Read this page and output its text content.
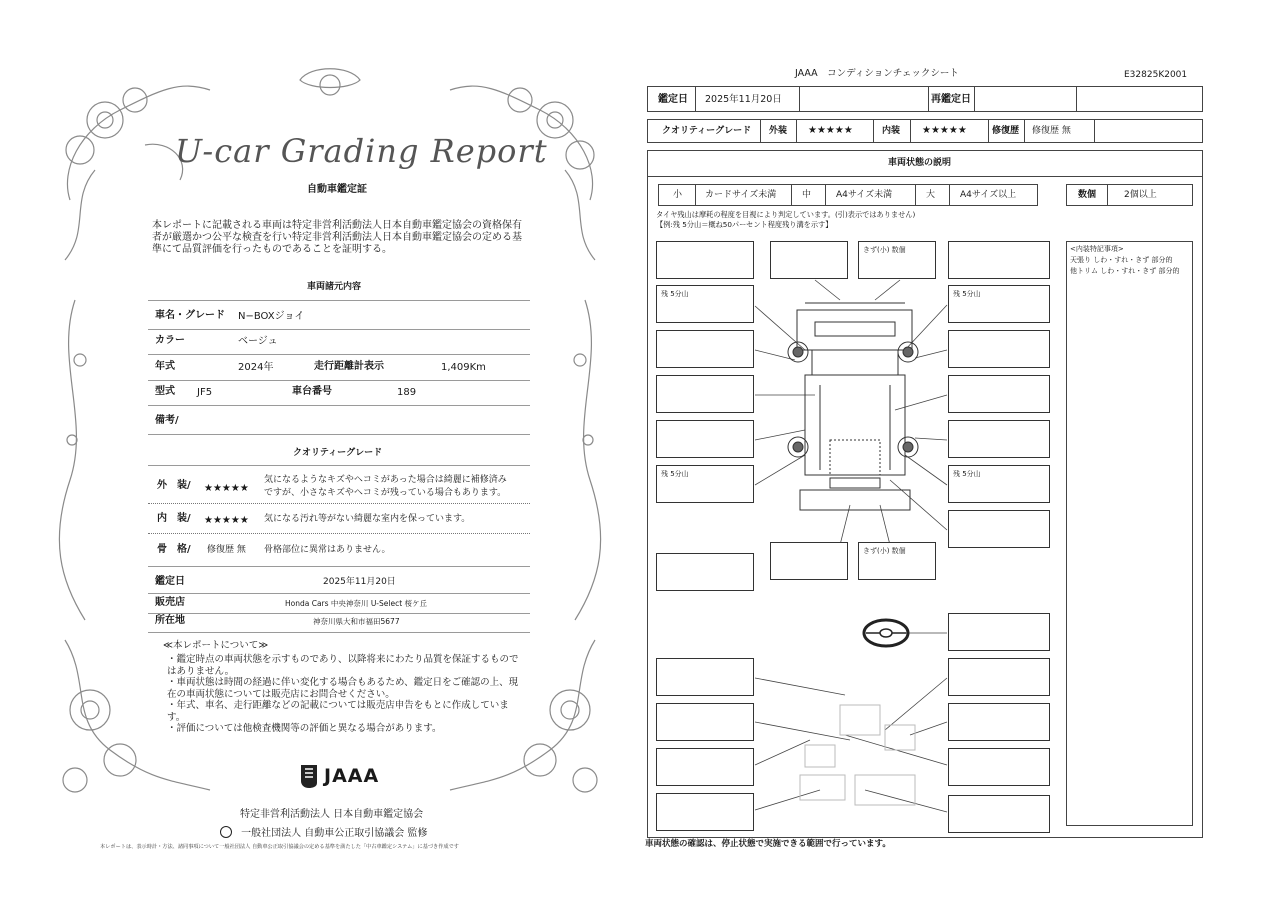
U-car Grading Report
自動車鑑定証
本レポートに記載される車両は特定非営利活動法人日本自動車鑑定協会の資格保有者が厳選かつ公平な検査を行い特定非営利活動法人日本自動車鑑定協会の定める基準にて品質評価を行ったものであることを証明する。
車両諸元内容
車名・グレード N−BOXジョイ
カラー	ベージュ
年式	2024年	走行距離計表示	1,409Km
型式 JF5	車台番号	189
備考/
クオリティーグレード
外　装/ ★★★★★
気になるようなキズやヘコミがあった場合は綺麗に補修済み
ですが、小さなキズやヘコミが残っている場合もあります。
内　装/ ★★★★★ 気になる汚れ等がない綺麗な室内を保っています。
骨　格/ 修復歴 無 骨格部位に異常はありません。
鑑定日	2025年11月20日
販売店	Honda Cars 中央神奈川 U-Select 桜ケ丘
所在地	神奈川県大和市福田5677
≪本レポートについて≫
・鑑定時点の車両状態を示すものであり、以降将来にわたり品質を保証するものではありません。
・車両状態は時間の経過に伴い変化する場合もあるため、鑑定日をご確認の上、現在の車両状態については販売店にお問合せください。
・年式、車名、走行距離などの記載については販売店申告をもとに作成しています。
・評価については他検査機関等の評価と異なる場合があります。
JAAA
特定非営利活動法人 日本自動車鑑定協会
一般社団法人 自動車公正取引協議会 監修
本レポートは、表示時計・方法、諸同事項について一般社団法人 自動車公正取引協議会の定める基準を満たした「中古車鑑定システム」に基づき作成です
JAAA　コンディションチェックシート	E32825K2001
鑑定日 2025年11月20日	再鑑定日
クオリティーグレード 外装 ★★★★★	内装 ★★★★★	修復歴 修復歴 無
車両状態の説明
小	カードサイズ未満	中	A4サイズ未満	大	A4サイズ以上	数個	2個以上
タイヤ残山は摩耗の程度を目視により判定しています。(引)表示ではありません)
【例:残 5分山＝概ね50パーセント程度残り溝を示す】
<内装特記事項>
天張り しわ・すれ・きず 部分的
他トリム しわ・すれ・きず 部分的
きず(小) 数個
残 5分山	残 5分山
残 5分山	残 5分山
きず(小) 数個
車両状態の確認は、停止状態で実施できる範囲で行っています。
